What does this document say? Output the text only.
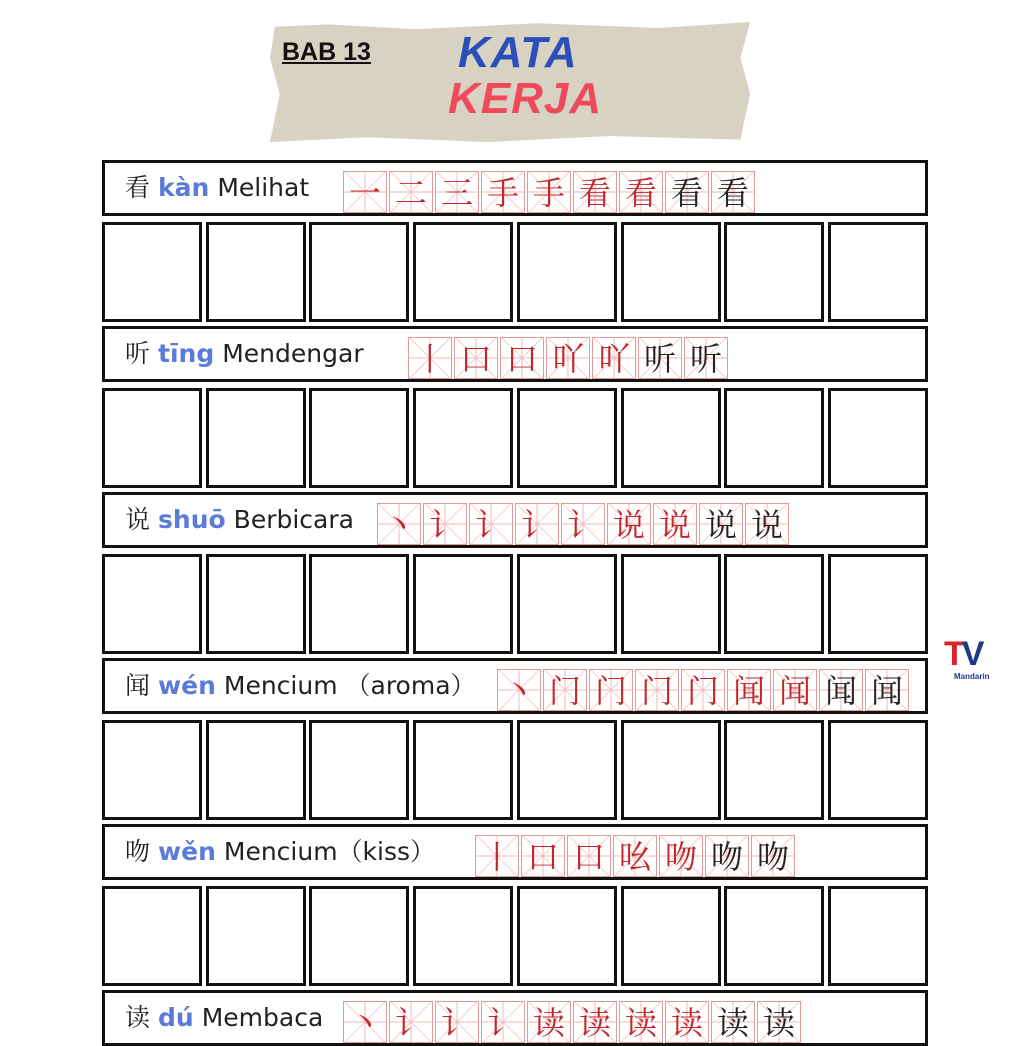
BAB 13 KATA
KERJA
看 kàn Melihat 一 二 三 手 手 看 看 看 看
听 tīng Mendengar 丨 口 口 吖 吖 听 听
说 shuō Berbicara 丶 讠 讠 讠 讠 说 说 说 说
闻 wén Mencium （aroma） 丶 门 门 门 门 闻 闻 闻 闻
吻 wěn Mencium（kiss） 丨 口 口 吆 吻 吻 吻
读 dú Membaca 丶 讠 讠 讠 读 读 读 读 读 读
TV
Mandarin
